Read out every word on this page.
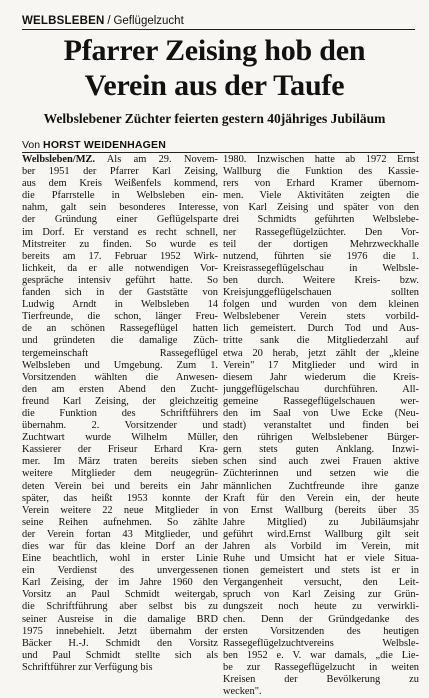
WELBSLEBEN / Geflügelzucht
Pfarrer Zeising hob den
Verein aus der Taufe
Welbslebener Züchter feierten gestern 40jähriges Jubiläum
Von HORST WEIDENHAGEN
Welbsleben/MZ. Als am 29. Novem-
ber 1951 der Pfarrer Karl Zeising,
aus dem Kreis Weißenfels kommend,
die Pfarrstelle in Welbsleben ein-
nahm, galt sein besonderes Interesse,
der Gründung einer Geflügelsparte
im Dorf. Er verstand es recht schnell,
Mitstreiter zu finden. So wurde es
bereits am 17. Februar 1952 Wirk-
lichkeit, da er alle notwendigen Vor-
gespräche intensiv geführt hatte. So
fanden sich in der Gaststätte von
Ludwig Arndt in Welbsleben 14
Tierfreunde, die schon, länger Freu-
de an schönen Rassegeflügel hatten
und gründeten die damalige Züch-
tergemeinschaft Rassegeflügel
Welbsleben und Umgebung. Zum 1.
Vorsitzenden wählten die Anwesen-
den am ersten Abend den Zucht-
freund Karl Zeising, der gleichzeitig
die Funktion des Schriftführers
übernahm. 2. Vorsitzender und
Zuchtwart wurde Wilhelm Müller,
Kassierer der Friseur Erhard Kra-
mer. Im März traten bereits sieben
weitere Mitglieder dem neugegrün-
deten Verein bei und bereits ein Jahr
später, das heißt 1953 konnte der
Verein weitere 22 neue Mitglieder in
seine Reihen aufnehmen. So zählte
der Verein fortan 43 Mitglieder, und
dies war für das kleine Dorf an der
Eine beachtlich, wohl in erster Linie
ein Verdienst des unvergessenen
Karl Zeising, der im Jahre 1960 den
Vorsitz an Paul Schmidt weitergab,
die Schriftführung aber selbst bis zu
seiner Ausreise in die damalige BRD
1975 innebehielt. Jetzt übernahm der
Bäcker H.-J. Schmidt den Vorsitz
und Paul Schmidt stellte sich als
Schriftführer zur Verfügung bis
1980. Inzwischen hatte ab 1972 Ernst
Wallburg die Funktion des Kassie-
rers von Erhard Kramer übernom-
men. Viele Aktivitäten zeigten die
von Karl Zeising und später von den
drei Schmidts geführten Welbslebe-
ner Rassegeflügelzüchter. Den Vor-
teil der dortigen Mehrzweckhalle
nutzend, führten sie 1976 die 1.
Kreisrassegeflügelschau in Welbsle-
ben durch. Weitere Kreis- bzw.
Kreisjunggeflügelschauen sollten
folgen und wurden von dem kleinen
Welbslebener Verein stets vorbild-
lich gemeistert. Durch Tod und Aus-
tritte sank die Mitgliederzahl auf
etwa 20 herab, jetzt zählt der „kleine
Verein" 17 Mitglieder und wird in
diesem Jahr wiederum die Kreis-
junggeflügelschau durchführen. All-
gemeine Rassegeflügelschauen wer-
den im Saal von Uwe Ecke (Neu-
stadt) veranstaltet und finden bei
den rührigen Welbslebener Bürger-
gern stets guten Anklang. Inzwi-
schen sind auch zwei Frauen aktive
Züchterinnen und setzen wie die
männlichen Zuchtfreunde ihre ganze
Kraft für den Verein ein, der heute
von Ernst Wallburg (bereits über 35
Jahre Mitglied) zu Jubiläumsjahr
geführt wird.Ernst Wallburg gilt seit
Jahren als Vorbild im Verein, mit
Ruhe und Umsicht hat er viele Situa-
tionen gemeistert und stets ist er in
Vergangenheit versucht, den Leit-
spruch von Karl Zeising zur Grün-
dungszeit noch heute zu verwirkli-
chen. Denn der Gründgedanke des
ersten Vorsitzenden des heutigen
Rassegeflügelzuchtvereins Welbsle-
ben 1952 e. V. war damals, „die Lie-
be zur Rassegeflügelzucht in weiten
Kreisen der Bevölkerung zu
wecken".
